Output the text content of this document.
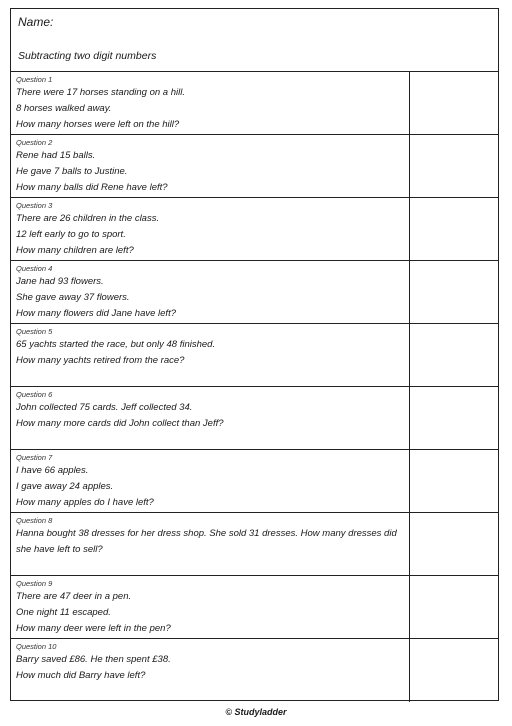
Name:
Subtracting two digit numbers
Question 1
There were 17 horses standing on a hill.
8 horses walked away.
How many horses were left on the hill?
Question 2
Rene had 15 balls.
He gave 7 balls to Justine.
How many balls did Rene have left?
Question 3
There are 26 children in the class.
12 left early to go to sport.
How many children are left?
Question 4
Jane had 93 flowers.
She gave away 37 flowers.
How many flowers did Jane have left?
Question 5
65 yachts started the race, but only 48 finished.
How many yachts retired from the race?
Question 6
John collected 75 cards. Jeff collected 34.
How many more cards did John collect than Jeff?
Question 7
I have 66 apples.
I gave away 24 apples.
How many apples do I have left?
Question 8
Hanna bought 38 dresses for her dress shop. She sold 31 dresses. How many dresses did she have left to sell?
Question 9
There are 47 deer in a pen.
One night 11 escaped.
How many deer were left in the pen?
Question 10
Barry saved £86. He then spent £38.
How much did Barry have left?
© Studyladder
